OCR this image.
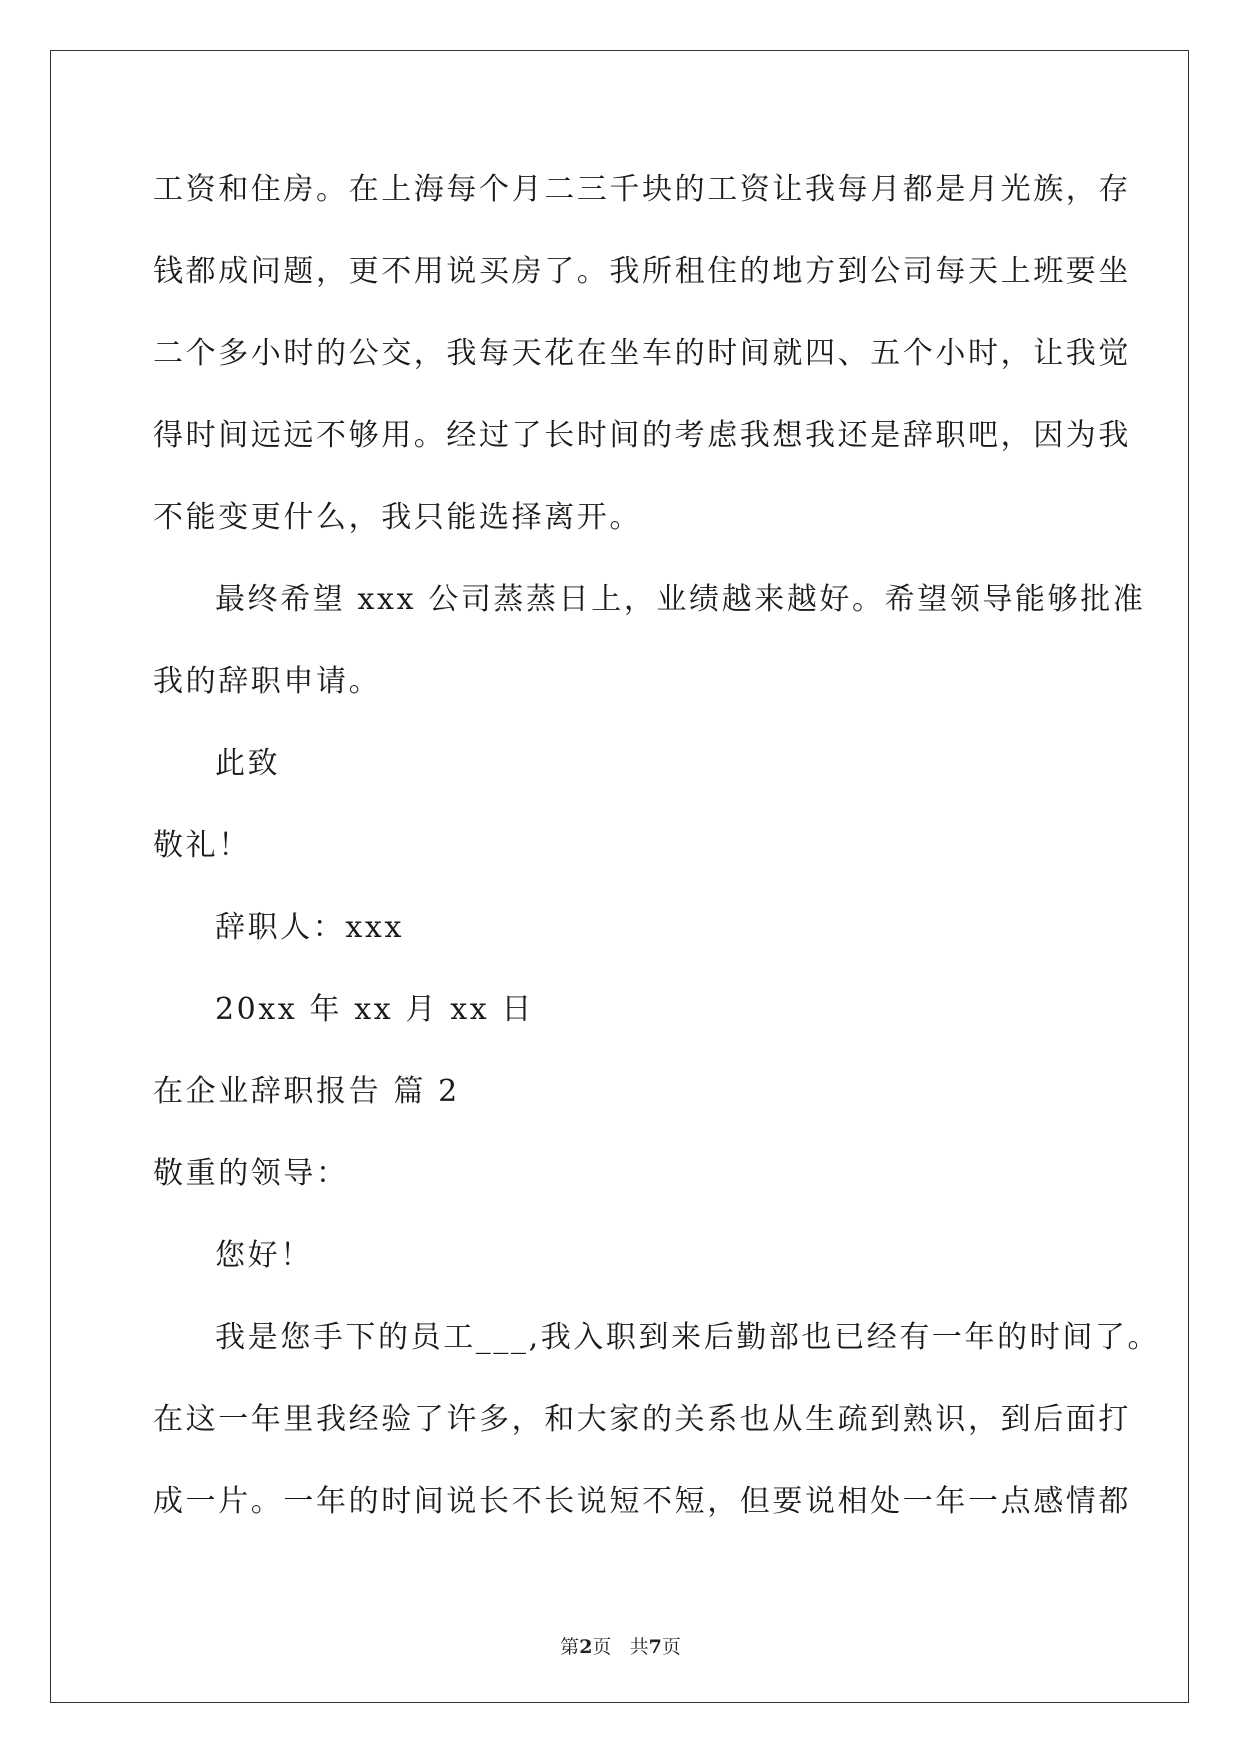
工资和住房。在上海每个月二三千块的工资让我每月都是月光族，存
钱都成问题，更不用说买房了。我所租住的地方到公司每天上班要坐
二个多小时的公交，我每天花在坐车的时间就四、五个小时，让我觉
得时间远远不够用。经过了长时间的考虑我想我还是辞职吧，因为我
不能变更什么，我只能选择离开。
最终希望 xxx 公司蒸蒸日上，业绩越来越好。希望领导能够批准
我的辞职申请。
此致
敬礼！
辞职人：xxx
20xx 年 xx 月 xx 日
在企业辞职报告 篇 2
敬重的领导：
您好！
我是您手下的员工___,我入职到来后勤部也已经有一年的时间了。
在这一年里我经验了许多，和大家的关系也从生疏到熟识，到后面打
成一片。一年的时间说长不长说短不短，但要说相处一年一点感情都
第2页 共7页
